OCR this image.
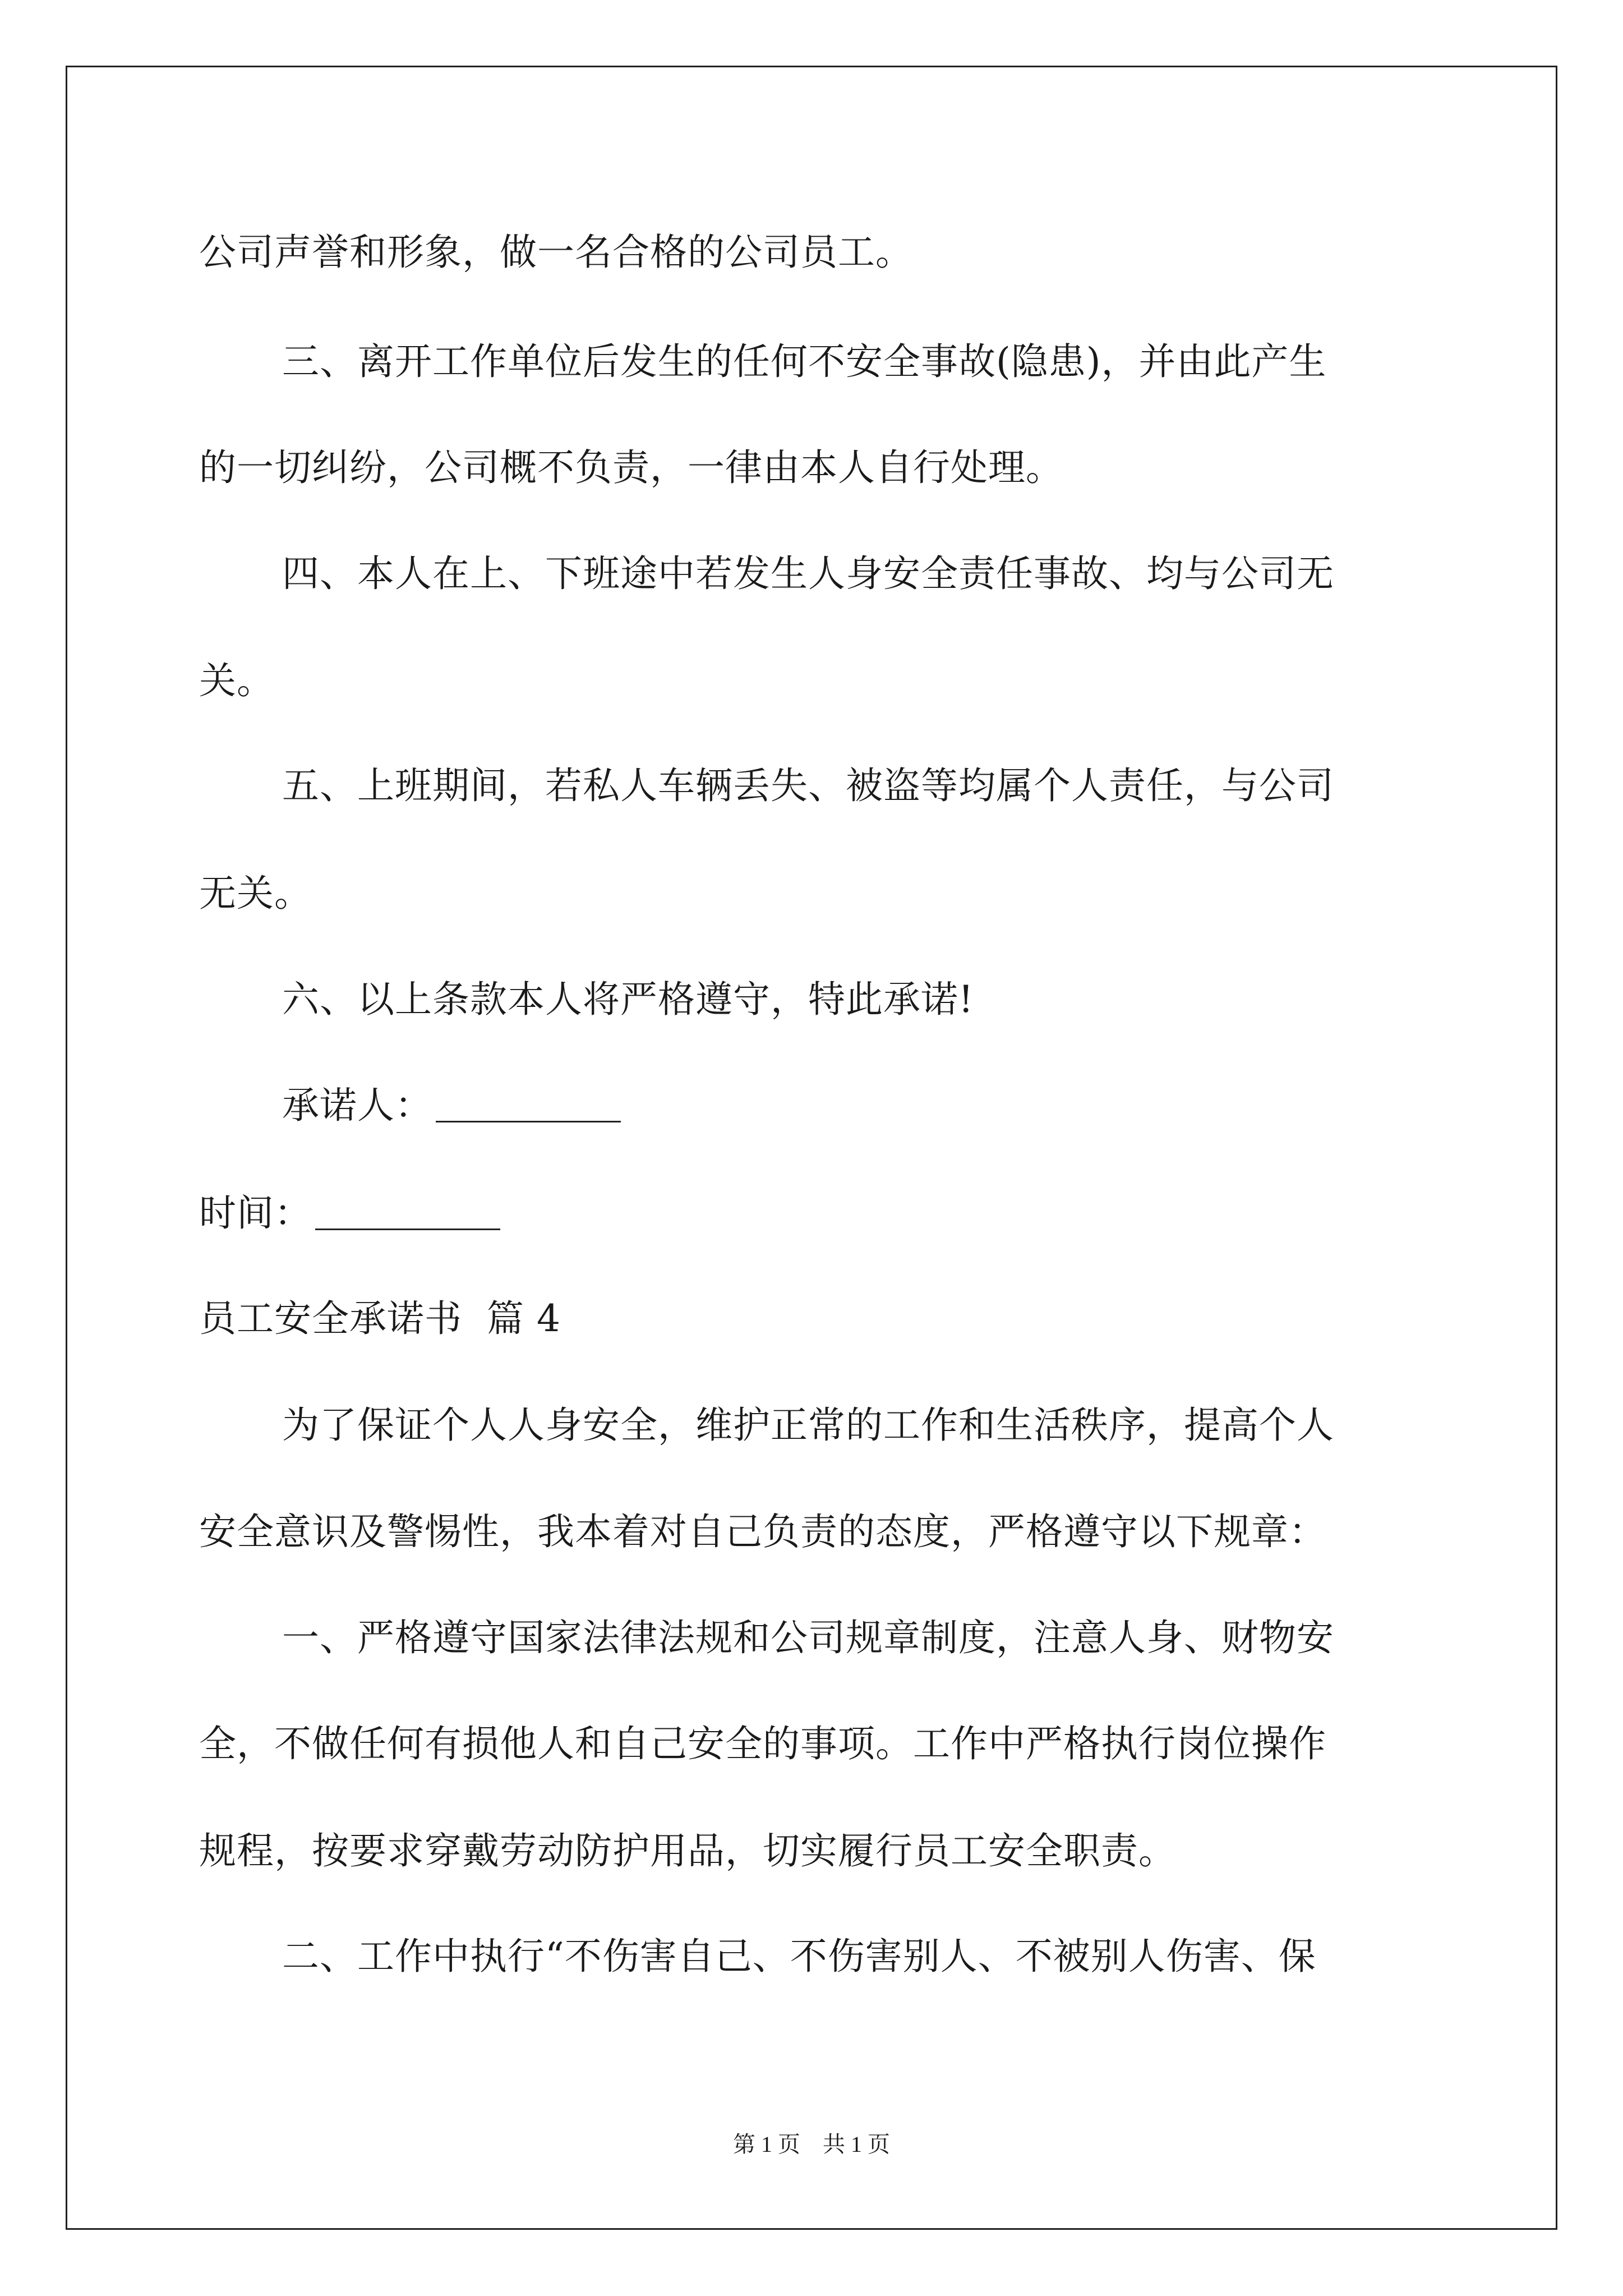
公司声誉和形象，做一名合格的公司员工。
三、离开工作单位后发生的任何不安全事故(隐患)，并由此产生
的一切纠纷，公司概不负责，一律由本人自行处理。
四、本人在上、下班途中若发生人身安全责任事故、均与公司无
关。
五、上班期间，若私人车辆丢失、被盗等均属个人责任，与公司
无关。
六、以上条款本人将严格遵守，特此承诺!
承诺人：
时间：
员工安全承诺书  篇 4
为了保证个人人身安全，维护正常的工作和生活秩序，提高个人
安全意识及警惕性，我本着对自己负责的态度，严格遵守以下规章：
一、严格遵守国家法律法规和公司规章制度，注意人身、财物安
全，不做任何有损他人和自己安全的事项。工作中严格执行岗位操作
规程，按要求穿戴劳动防护用品，切实履行员工安全职责。
二、工作中执行“不伤害自己、不伤害别人、不被别人伤害、保
第 1 页    共 1 页
